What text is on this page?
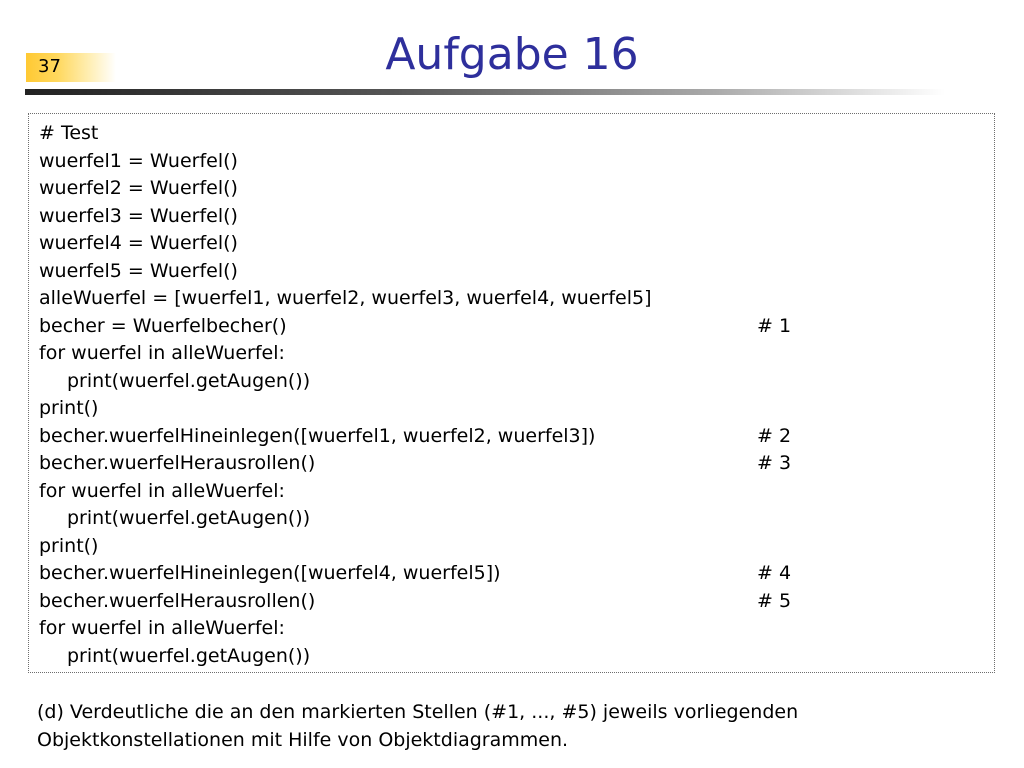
37	Aufgabe 16

# Test

wuerfel1 = Wuerfel()

wuerfel2 = Wuerfel()

wuerfel3 = Wuerfel()

wuerfel4 = Wuerfel()

wuerfel5 = Wuerfel()

alleWuerfel = [wuerfel1, wuerfel2, wuerfel3, wuerfel4, wuerfel5]

becher = Wuerfelbecher()

	# 1

for wuerfel in alleWuerfel:

print(wuerfel.getAugen())

print()

becher.wuerfelHineinlegen([wuerfel1, wuerfel2, wuerfel3])

	# 2

becher.wuerfelHerausrollen()

	# 3

for wuerfel in alleWuerfel:

print(wuerfel.getAugen())

print()

becher.wuerfelHineinlegen([wuerfel4, wuerfel5])

	# 4

becher.wuerfelHerausrollen()

	# 5

for wuerfel in alleWuerfel:

print(wuerfel.getAugen())

(d) Verdeutliche die an den markierten Stellen (#1, ..., #5) jeweils vorliegenden
Objektkonstellationen mit Hilfe von Objektdiagrammen.
